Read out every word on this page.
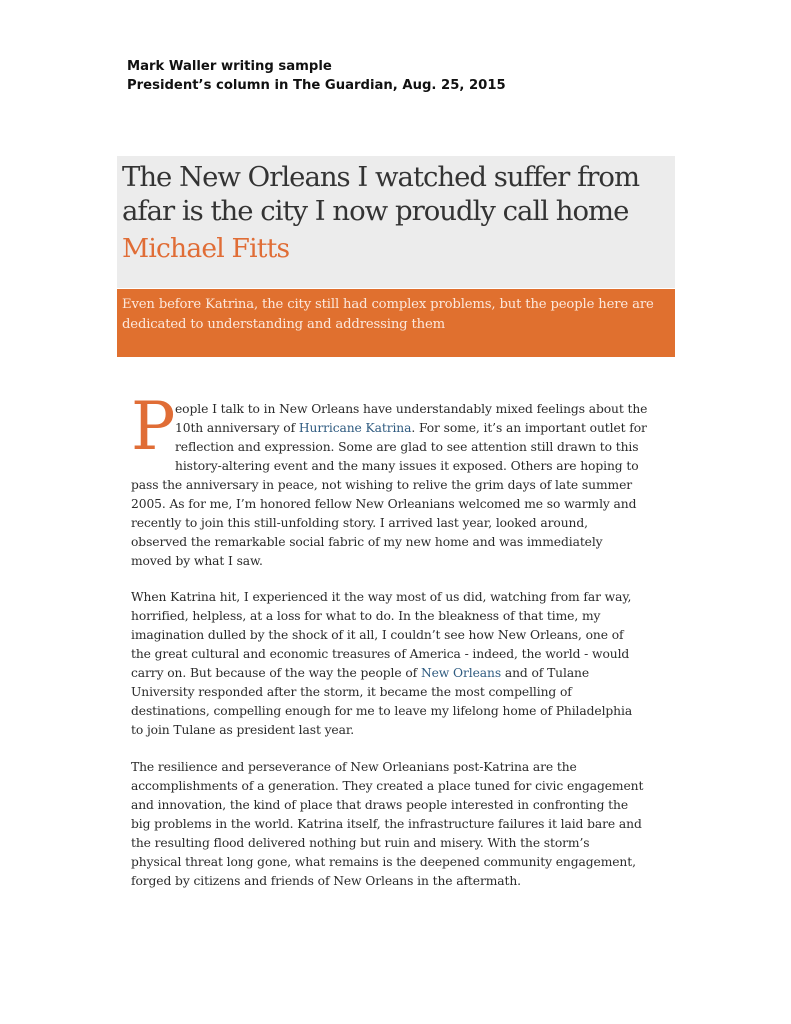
Mark Waller writing sample
President’s column in The Guardian, Aug. 25, 2015
The New Orleans I watched suffer from
afar is the city I now proudly call home
Michael Fitts

Even before Katrina, the city still had complex problems, but the people here are
dedicated to understanding and addressing them

P eople I talk to in New Orleans have understandably mixed feelings about the
10th anniversary of Hurricane Katrina. For some, it’s an important outlet for
reflection and expression. Some are glad to see attention still drawn to this
history-altering event and the many issues it exposed. Others are hoping to
pass the anniversary in peace, not wishing to relive the grim days of late summer
2005. As for me, I’m honored fellow New Orleanians welcomed me so warmly and
recently to join this still-unfolding story. I arrived last year, looked around,
observed the remarkable social fabric of my new home and was immediately
moved by what I saw.
When Katrina hit, I experienced it the way most of us did, watching from far way,
horrified, helpless, at a loss for what to do. In the bleakness of that time, my
imagination dulled by the shock of it all, I couldn’t see how New Orleans, one of
the great cultural and economic treasures of America - indeed, the world - would
carry on. But because of the way the people of New Orleans and of Tulane
University responded after the storm, it became the most compelling of
destinations, compelling enough for me to leave my lifelong home of Philadelphia
to join Tulane as president last year.
The resilience and perseverance of New Orleanians post-Katrina are the
accomplishments of a generation. They created a place tuned for civic engagement
and innovation, the kind of place that draws people interested in confronting the
big problems in the world. Katrina itself, the infrastructure failures it laid bare and
the resulting flood delivered nothing but ruin and misery. With the storm’s
physical threat long gone, what remains is the deepened community engagement,
forged by citizens and friends of New Orleans in the aftermath.
